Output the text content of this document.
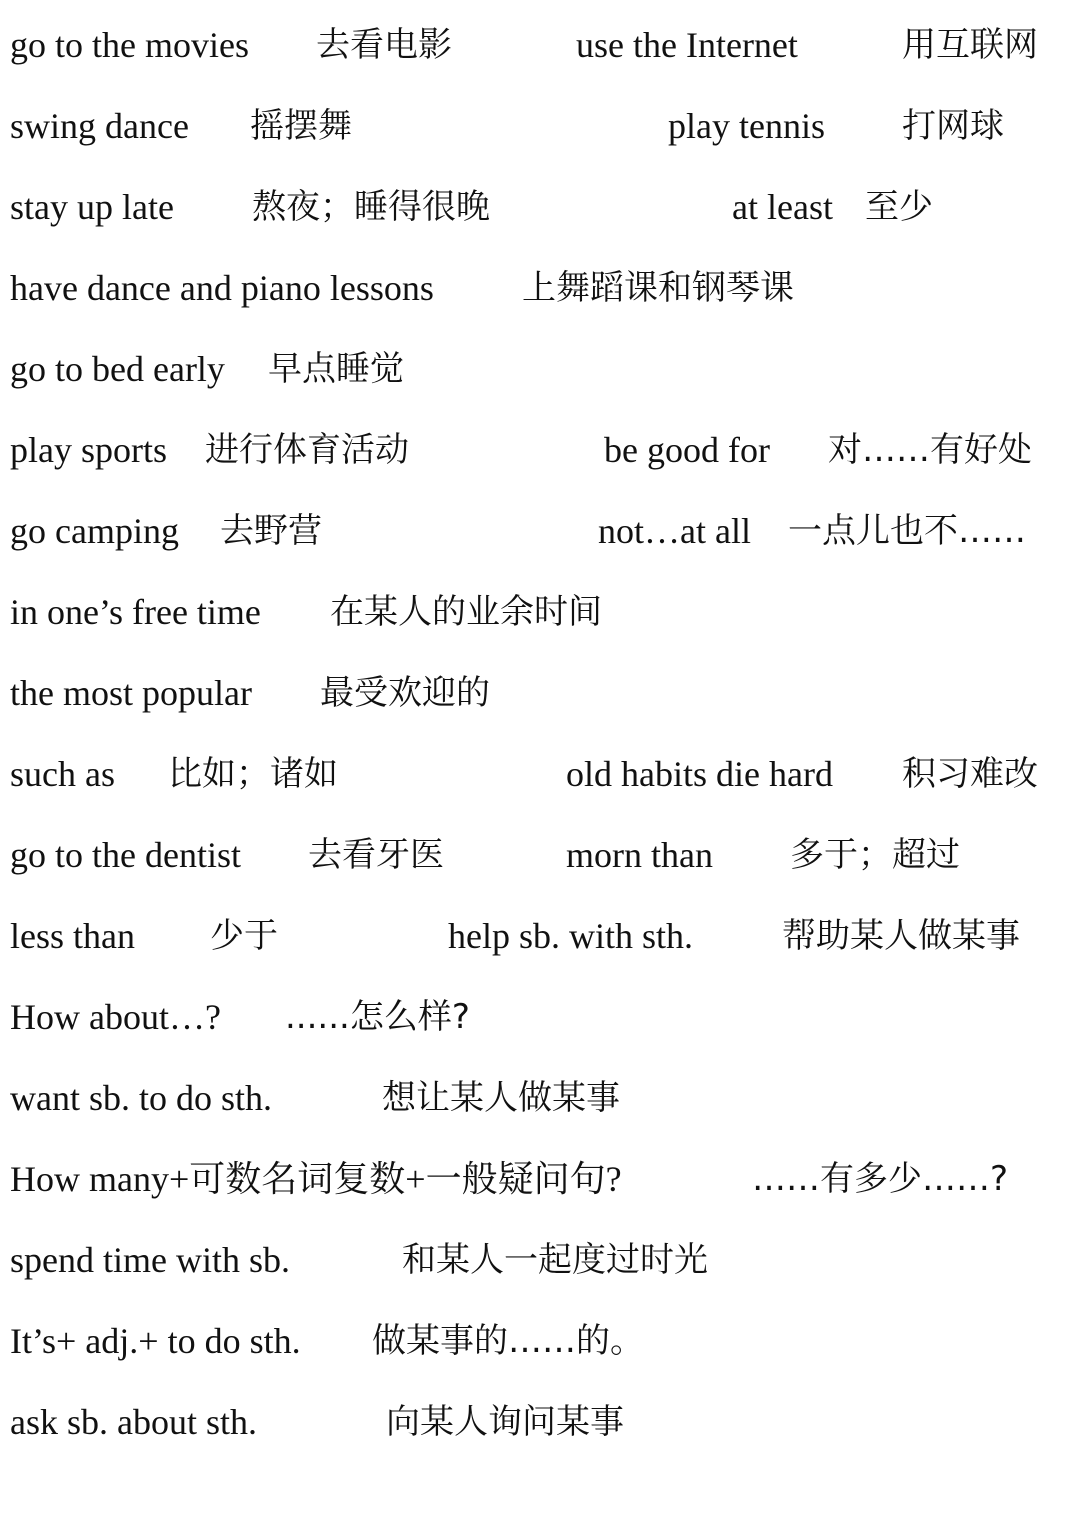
go to the movies 去看电影	use the Internet	用互联网
swing dance 摇摆舞	play tennis 打网球
stay up late 熬夜；睡得很晚	at least 至少
have dance and piano lessons	上舞蹈课和钢琴课
go to bed early 早点睡觉
play sports 进行体育活动	be good for 对……有好处
go camping 去野营	not…at all 一点儿也不……
in one’s free time 在某人的业余时间
the most popular 最受欢迎的
such as 比如；诸如	old habits die hard 积习难改
go to the dentist 去看牙医	morn than 多于；超过
less than 少于	help sb. with sth.	帮助某人做某事
How about…? ......怎么样?
want sb. to do sth.	想让某人做某事
How many+可数名词复数+一般疑问句?	……有多少……?
spend time with sb.	和某人一起度过时光
It’s+ adj.+ to do sth. 做某事的……的。
ask sb. about sth.	向某人询问某事
